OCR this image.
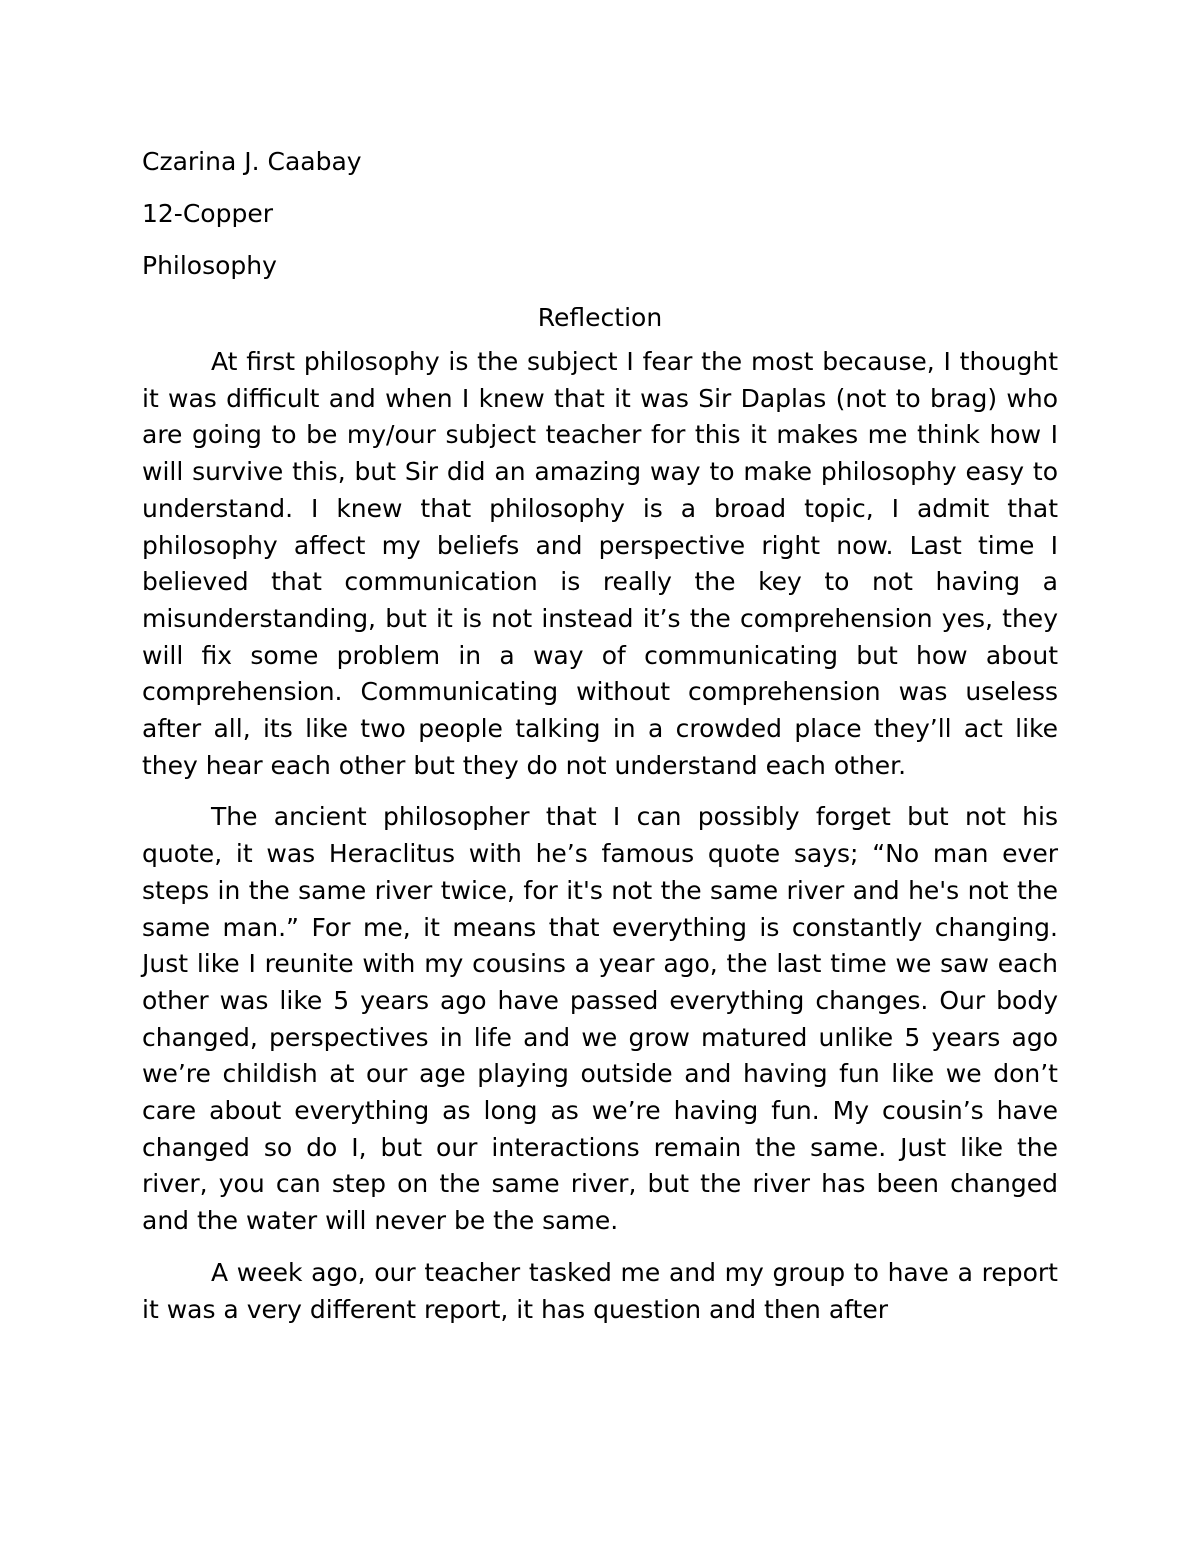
Czarina J. Caabay

12-Copper

Philosophy

Reflection

At first philosophy is the subject I fear the most because, I thought it was difficult and when I knew that it was Sir Daplas (not to brag) who are going to be my/our subject teacher for this it makes me think how I will survive this, but Sir did an amazing way to make philosophy easy to understand. I knew that philosophy is a broad topic, I admit that philosophy affect my beliefs and perspective right now. Last time I believed that communication is really the key to not having a misunderstanding, but it is not instead it’s the comprehension yes, they will fix some problem in a way of communicating but how about comprehension. Communicating without comprehension was useless after all, its like two people talking in a crowded place they’ll act like they hear each other but they do not understand each other.

The ancient philosopher that I can possibly forget but not his quote, it was Heraclitus with he’s famous quote says; “No man ever steps in the same river twice, for it's not the same river and he's not the same man.” For me, it means that everything is constantly changing. Just like I reunite with my cousins a year ago, the last time we saw each other was like 5 years ago have passed everything changes. Our body changed, perspectives in life and we grow matured unlike 5 years ago we’re childish at our age playing outside and having fun like we don’t care about everything as long as we’re having fun. My cousin’s have changed so do I, but our interactions remain the same. Just like the river, you can step on the same river, but the river has been changed and the water will never be the same.

A week ago, our teacher tasked me and my group to have a report it was a very different report, it has question and then after
